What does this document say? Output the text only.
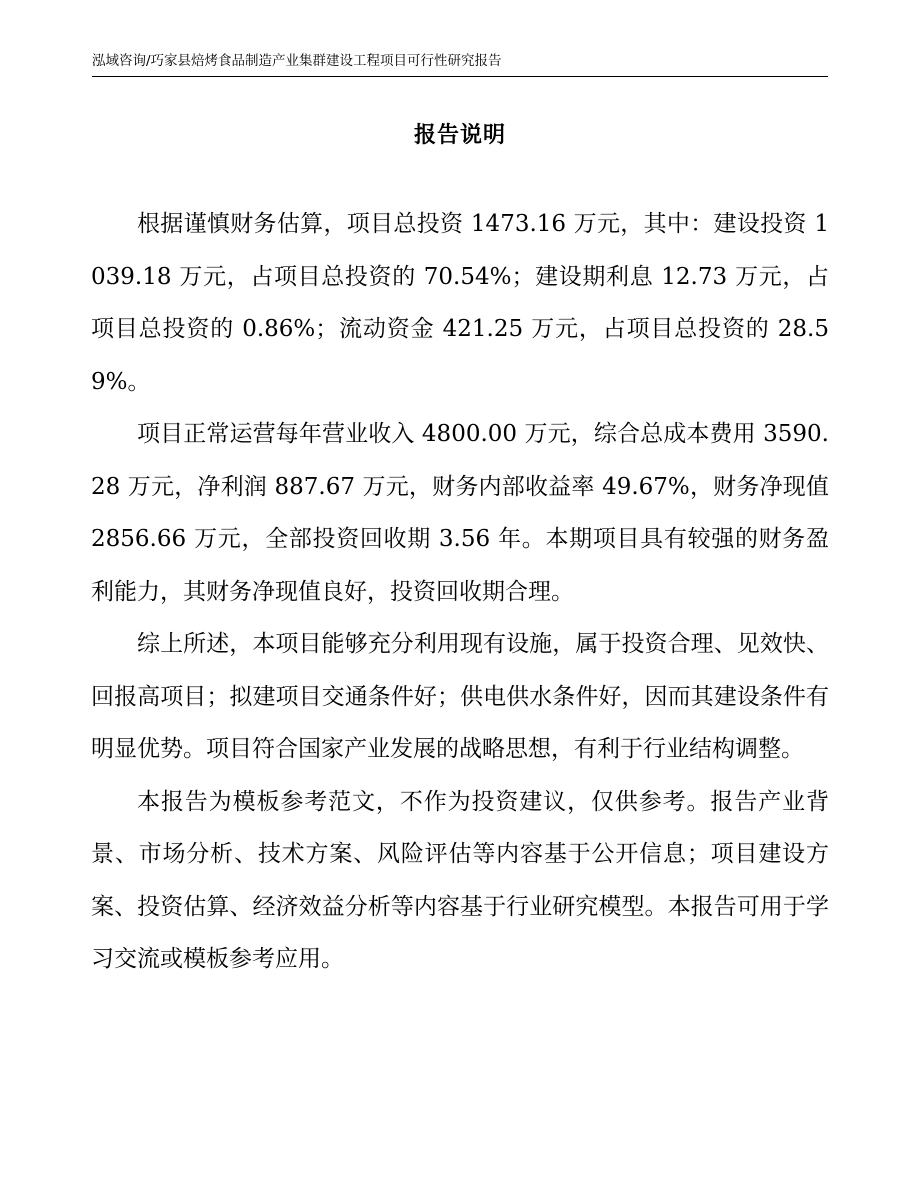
泓域咨询/巧家县焙烤食品制造产业集群建设工程项目可行性研究报告
报告说明

根据谨慎财务估算，项目总投资 1473.16 万元，其中：建设投资 1039.18 万元，占项目总投资的 70.54%；建设期利息 12.73 万元，占项目总投资的 0.86%；流动资金 421.25 万元，占项目总投资的 28.59%。

项目正常运营每年营业收入 4800.00 万元，综合总成本费用 3590.28 万元，净利润 887.67 万元，财务内部收益率 49.67%，财务净现值 2856.66 万元，全部投资回收期 3.56 年。本期项目具有较强的财务盈利能力，其财务净现值良好，投资回收期合理。

综上所述，本项目能够充分利用现有设施，属于投资合理、见效快、回报高项目；拟建项目交通条件好；供电供水条件好，因而其建设条件有明显优势。项目符合国家产业发展的战略思想，有利于行业结构调整。

本报告为模板参考范文，不作为投资建议，仅供参考。报告产业背景、市场分析、技术方案、风险评估等内容基于公开信息；项目建设方案、投资估算、经济效益分析等内容基于行业研究模型。本报告可用于学习交流或模板参考应用。
